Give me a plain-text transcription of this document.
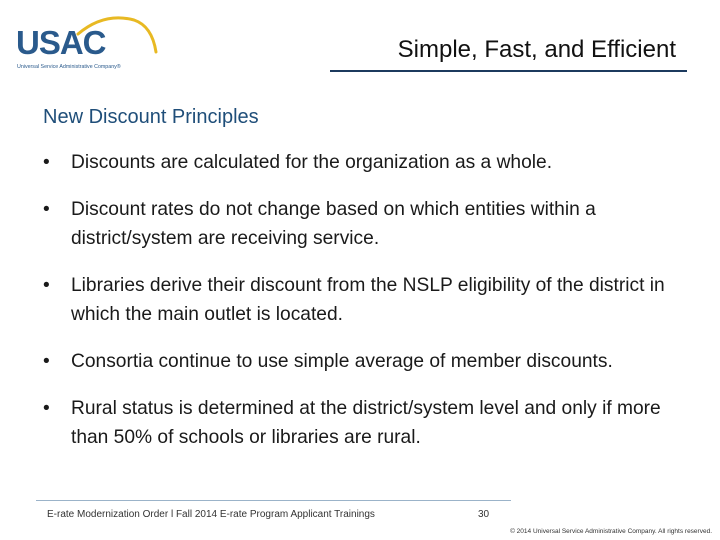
USAC
Universal Service Administrative Company®
Simple, Fast, and Efficient
New Discount Principles
•	Discounts are calculated for the organization as a whole.
•	Discount rates do not change based on which entities within a district/system are receiving service.
•	Libraries derive their discount from the NSLP eligibility of the district in which the main outlet is located.
•	Consortia continue to use simple average of member discounts.
•	Rural status is determined at the district/system level and only if more than 50% of schools or libraries are rural.
E-rate Modernization Order l Fall 2014 E-rate Program Applicant Trainings	30
© 2014 Universal Service Administrative Company. All rights reserved.
